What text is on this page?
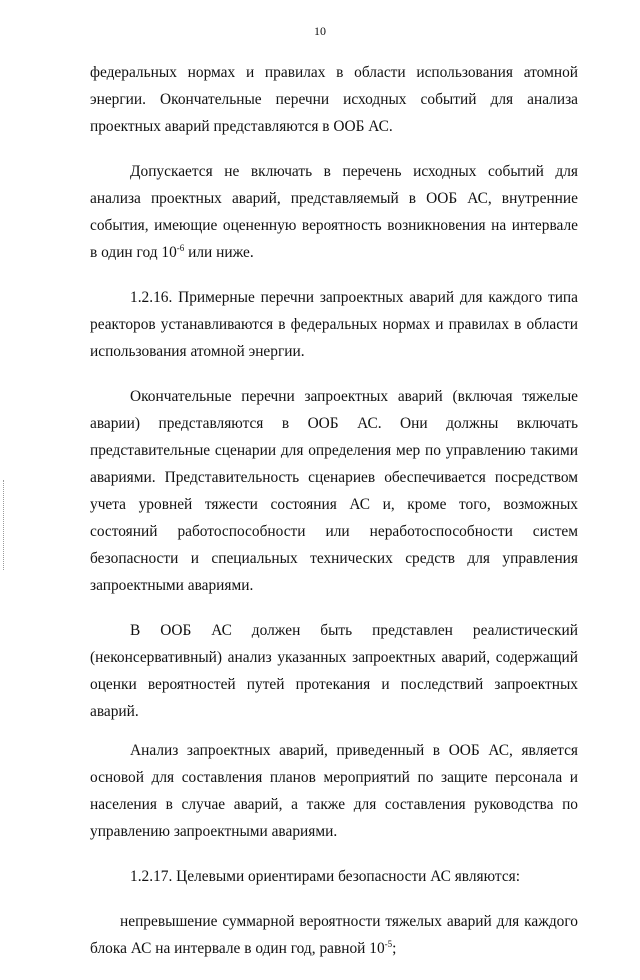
10

федеральных нормах и правилах в области использования атомной энергии. Окончательные перечни исходных событий для анализа проектных аварий представляются в ООБ АС.

Допускается не включать в перечень исходных событий для анализа проектных аварий, представляемый в ООБ АС, внутренние события, имеющие оцененную вероятность возникновения на интервале в один год $10^{-6}$ или ниже.

1.2.16. Примерные перечни запроектных аварий для каждого типа реакторов устанавливаются в федеральных нормах и правилах в области использования атомной энергии.

Окончательные перечни запроектных аварий (включая тяжелые аварии) представляются в ООБ АС. Они должны включать представительные сценарии для определения мер по управлению такими авариями. Представительность сценариев обеспечивается посредством учета уровней тяжести состояния АС и, кроме того, возможных состояний работоспособности или неработоспособности систем безопасности и специальных технических средств для управления запроектными авариями.

В ООБ АС должен быть представлен реалистический (неконсервативный) анализ указанных запроектных аварий, содержащий оценки вероятностей путей протекания и последствий запроектных аварий.

Анализ запроектных аварий, приведенный в ООБ АС, является основой для составления планов мероприятий по защите персонала и населения в случае аварий, а также для составления руководства по управлению запроектными авариями.

1.2.17. Целевыми ориентирами безопасности АС являются:

непревышение суммарной вероятности тяжелых аварий для каждого блока АС на интервале в один год, равной $10^{-5}$;
